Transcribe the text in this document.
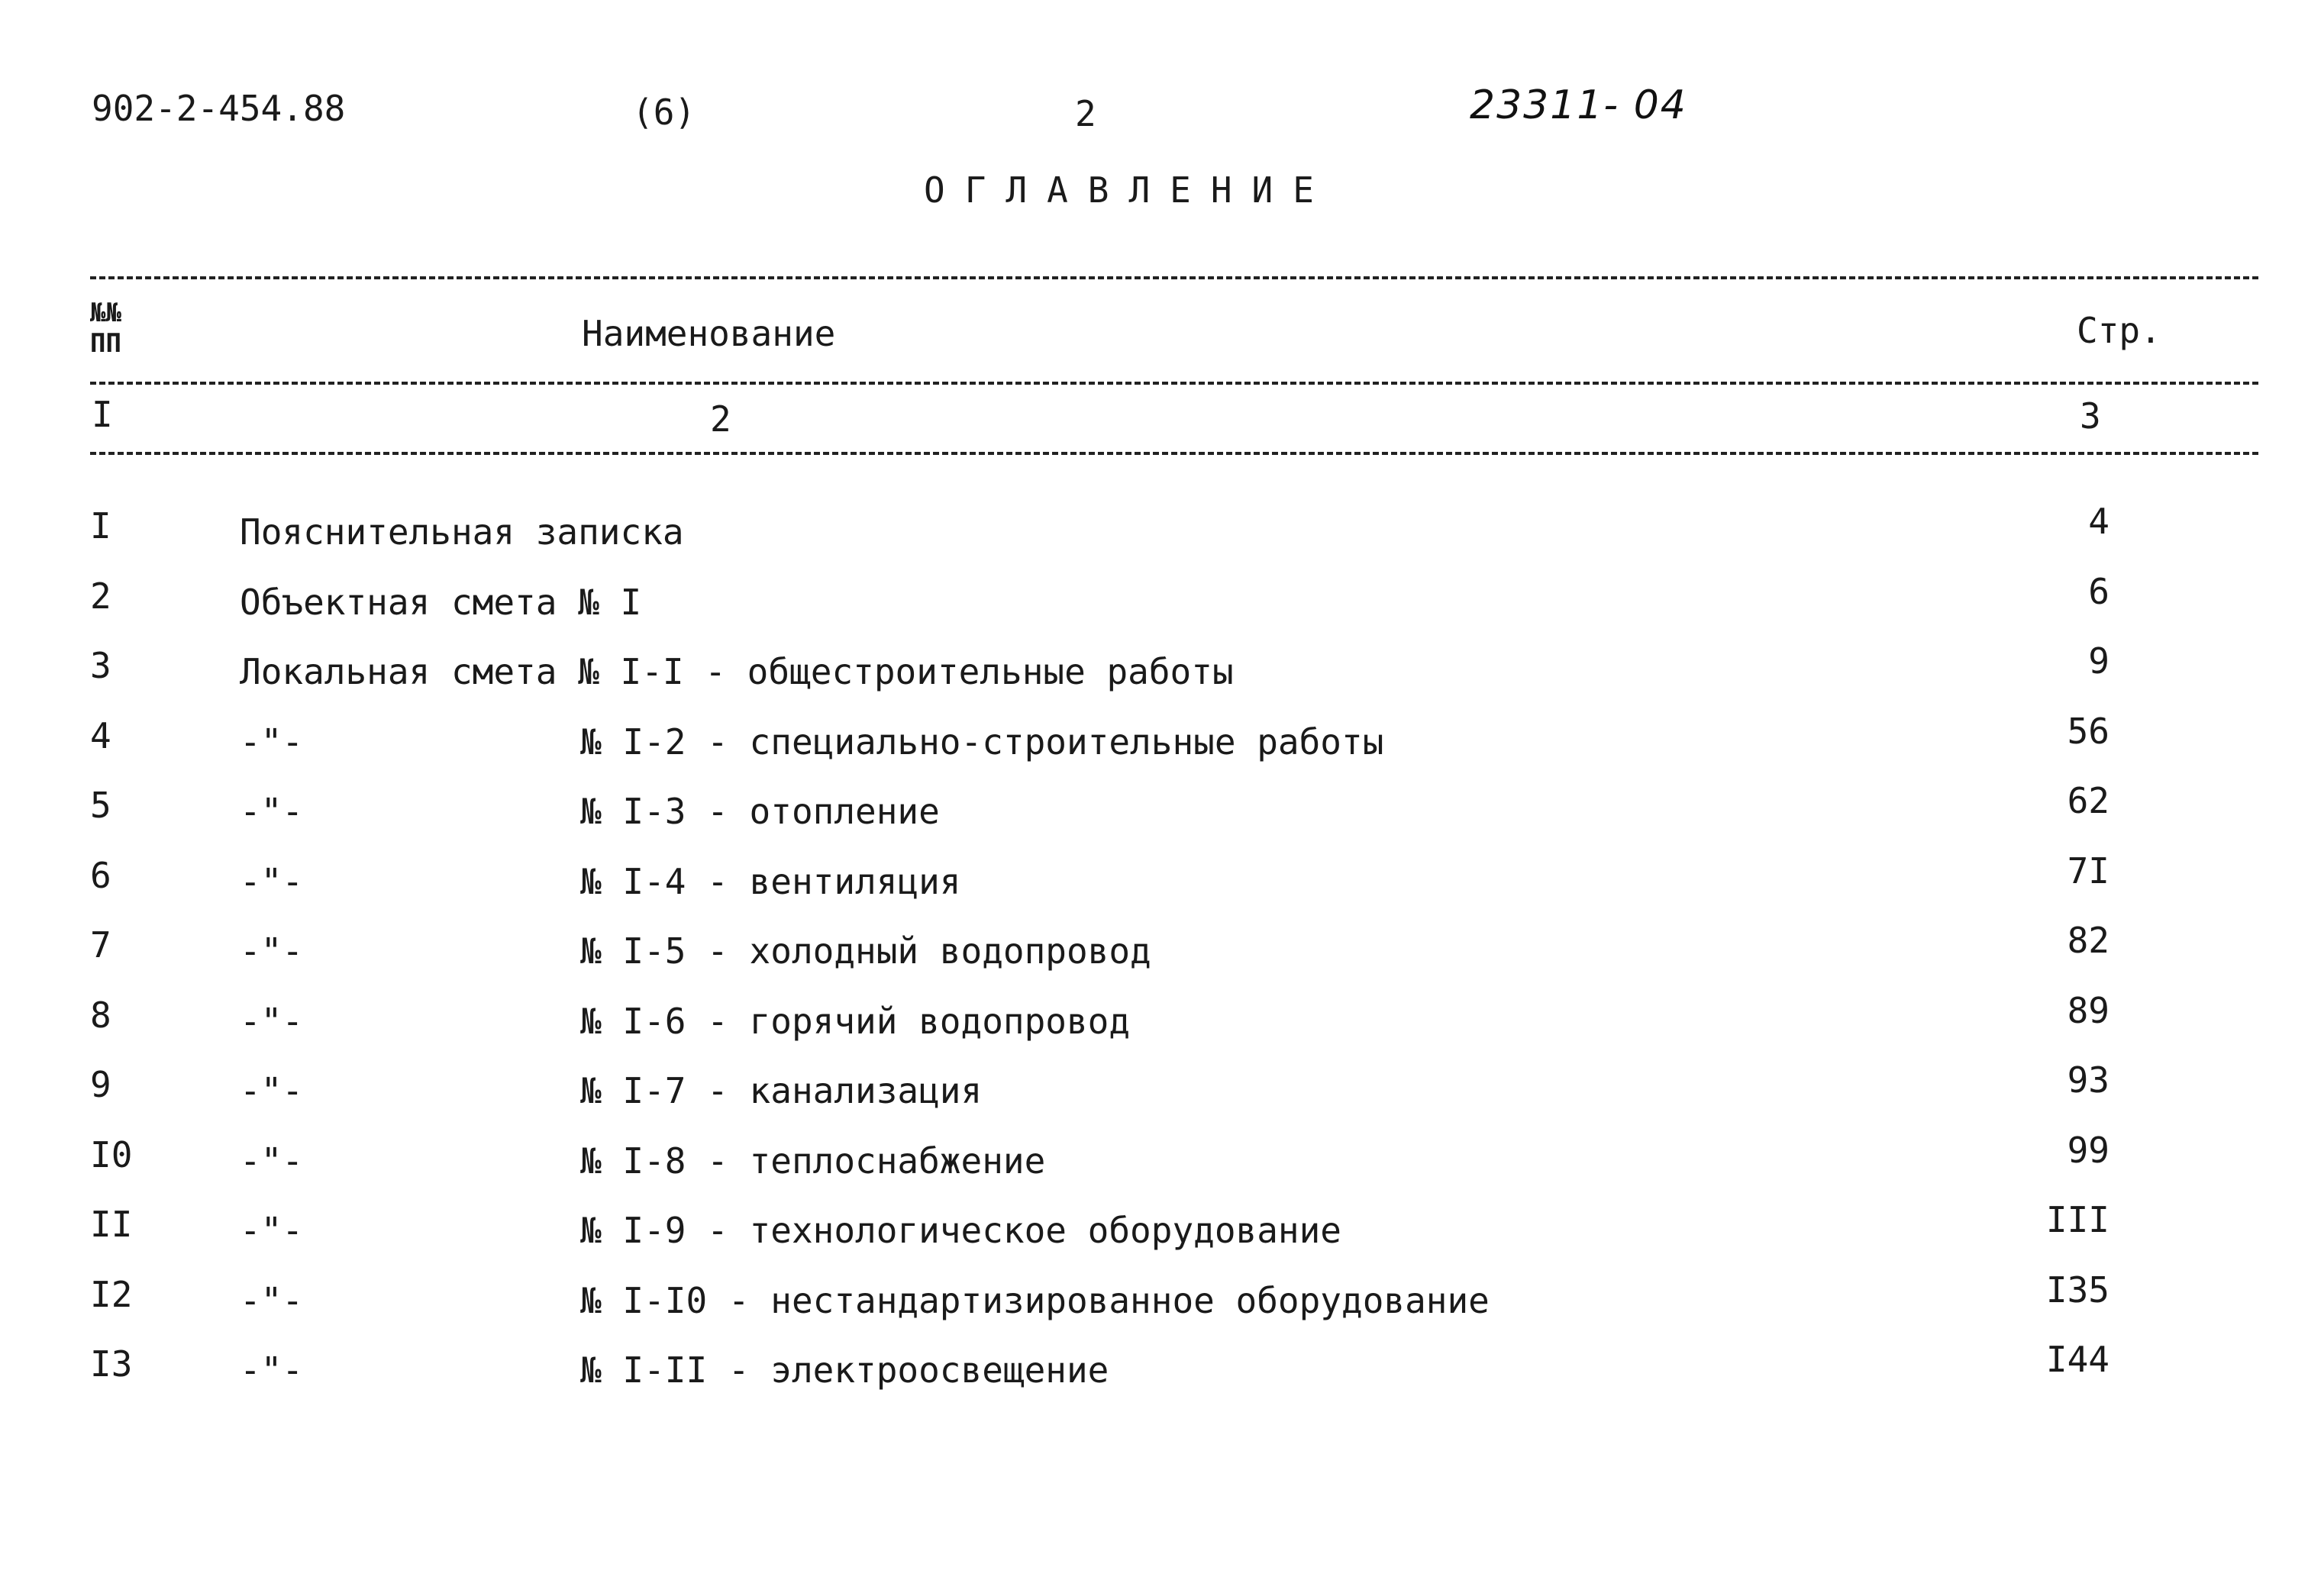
902-2-454.88	(6)	2	23311- 04
ОГЛАВЛЕНИЕ
№№
ПП	Наименование	Стр.
I	2	3
I	Пояснительная записка	4
2	Объектная смета № I	6
3	Локальная смета № I-I - общестроительные работы	9
4	-"-	№ I-2 - специально-строительные работы	56
5	-"-	№ I-3 - отопление	62
6	-"-	№ I-4 - вентиляция	7I
7	-"-	№ I-5 - холодный водопровод	82
8	-"-	№ I-6 - горячий водопровод	89
9	-"-	№ I-7 - канализация	93
I0	-"-	№ I-8 - теплоснабжение	99
II	-"-	№ I-9 - технологическое оборудование	III
I2	-"-	№ I-I0 - нестандартизированное оборудование	I35
I3	-"-	№ I-II - электроосвещение	I44
